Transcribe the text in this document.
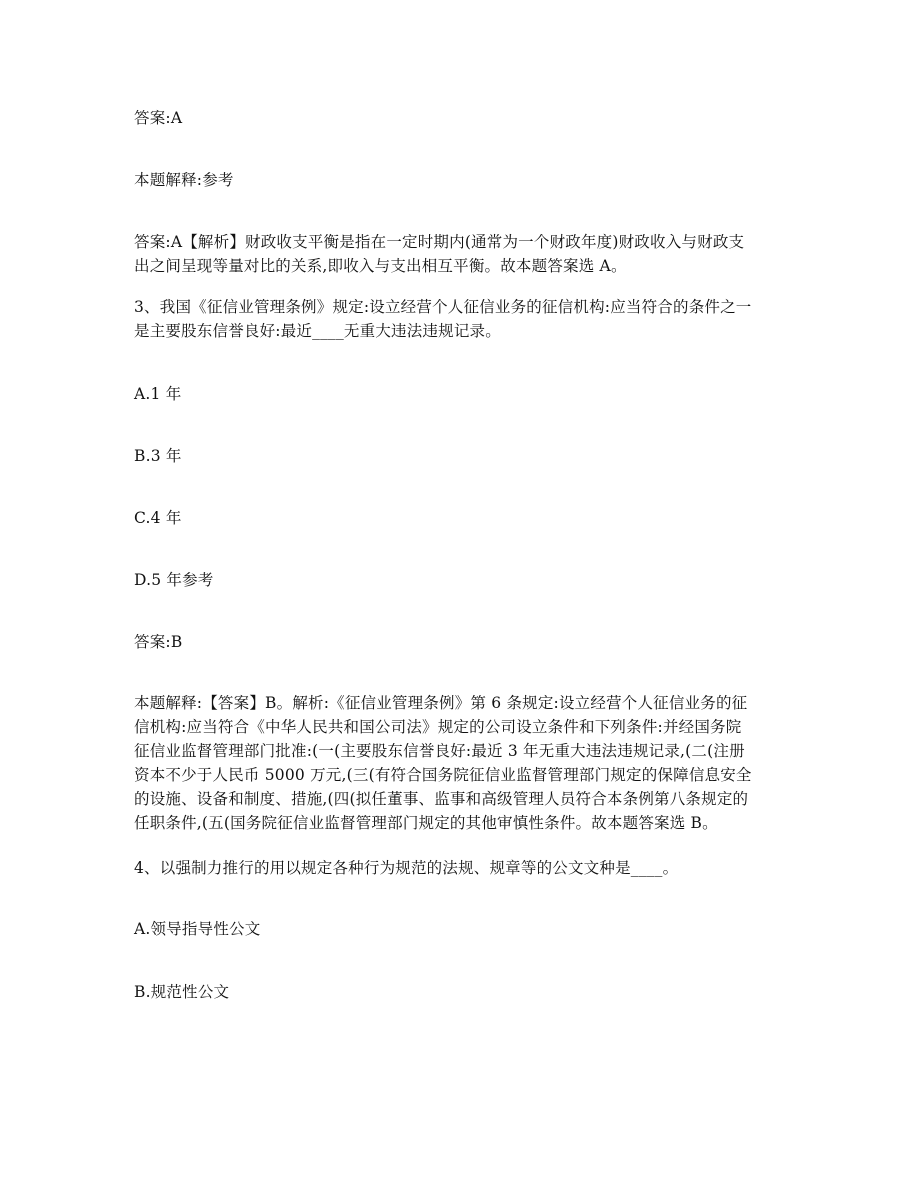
答案:A
本题解释:参考
答案:A【解析】财政收支平衡是指在一定时期内(通常为一个财政年度)财政收入与财政支
出之间呈现等量对比的关系,即收入与支出相互平衡。故本题答案选 A。
3、我国《征信业管理条例》规定:设立经营个人征信业务的征信机构:应当符合的条件之一
是主要股东信誉良好:最近____无重大违法违规记录。
A.1 年
B.3 年
C.4 年
D.5 年参考
答案:B
本题解释:【答案】B。解析:《征信业管理条例》第 6 条规定:设立经营个人征信业务的征
信机构:应当符合《中华人民共和国公司法》规定的公司设立条件和下列条件:并经国务院
征信业监督管理部门批准:(一(主要股东信誉良好:最近 3 年无重大违法违规记录,(二(注册
资本不少于人民币 5000 万元,(三(有符合国务院征信业监督管理部门规定的保障信息安全
的设施、设备和制度、措施,(四(拟任董事、监事和高级管理人员符合本条例第八条规定的
任职条件,(五(国务院征信业监督管理部门规定的其他审慎性条件。故本题答案选 B。
4、以强制力推行的用以规定各种行为规范的法规、规章等的公文文种是____。
A.领导指导性公文
B.规范性公文
